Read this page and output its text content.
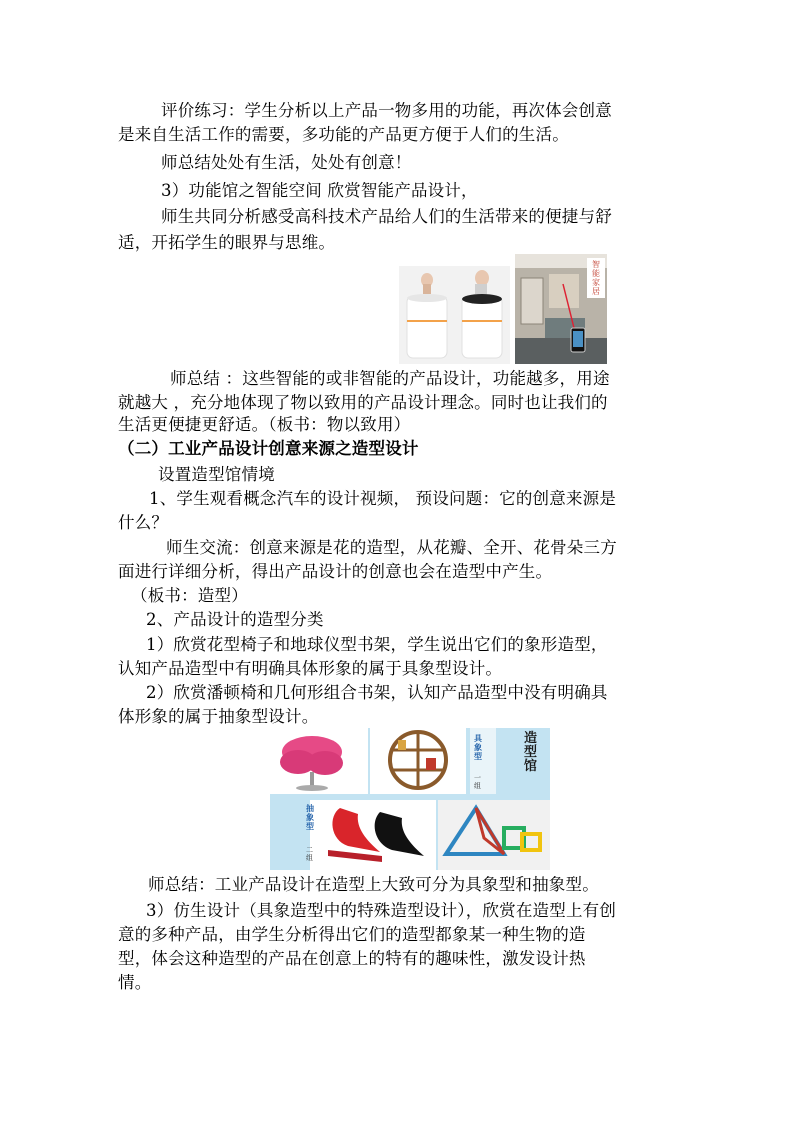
评价练习：学生分析以上产品一物多用的功能，再次体会创意
是来自生活工作的需要，多功能的产品更方便于人们的生活。
师总结处处有生活，处处有创意！
3）功能馆之智能空间 欣赏智能产品设计，
师生共同分析感受高科技术产品给人们的生活带来的便捷与舒
适，开拓学生的眼界与思维。
智能家居
师总结 ：这些智能的或非智能的产品设计，功能越多，用途
就越大 ，充分地体现了物以致用的产品设计理念。同时也让我们的
生活更便捷更舒适。（板书：物以致用）
（二）工业产品设计创意来源之造型设计
设置造型馆情境
1、学生观看概念汽车的设计视频， 预设问题：它的创意来源是
什么？
师生交流：创意来源是花的造型，从花瓣、全开、花骨朵三方
面进行详细分析，得出产品设计的创意也会在造型中产生。
（板书：造型）
2、产品设计的造型分类
1）欣赏花型椅子和地球仪型书架，学生说出它们的象形造型，
认知产品造型中有明确具体形象的属于具象型设计。
2）欣赏潘顿椅和几何形组合书架，认知产品造型中没有明确具
体形象的属于抽象型设计。
造型馆
具象型
一组
抽象型
二组
师总结：工业产品设计在造型上大致可分为具象型和抽象型。
3）仿生设计（具象造型中的特殊造型设计），欣赏在造型上有创
意的多种产品，由学生分析得出它们的造型都象某一种生物的造
型，体会这种造型的产品在创意上的特有的趣味性，激发设计热
情。
